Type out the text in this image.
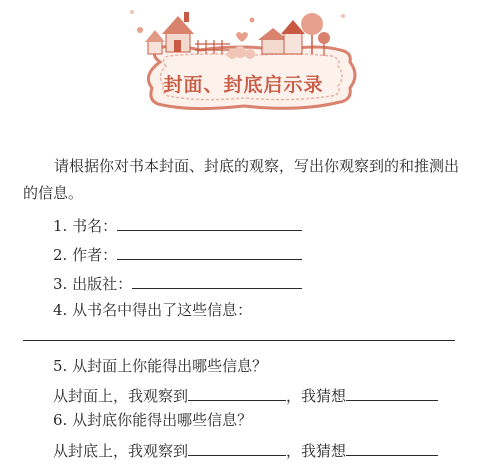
封面、封底启示录

请根据你对书本封面、封底的观察，写出你观察到的和推测出的信息。

1. 书名：
2. 作者：
3. 出版社：
4. 从书名中得出了这些信息：
5. 从封面上你能得出哪些信息？
从封面上，我观察到	，我猜想
6. 从封底你能得出哪些信息？
从封底上，我观察到	，我猜想
